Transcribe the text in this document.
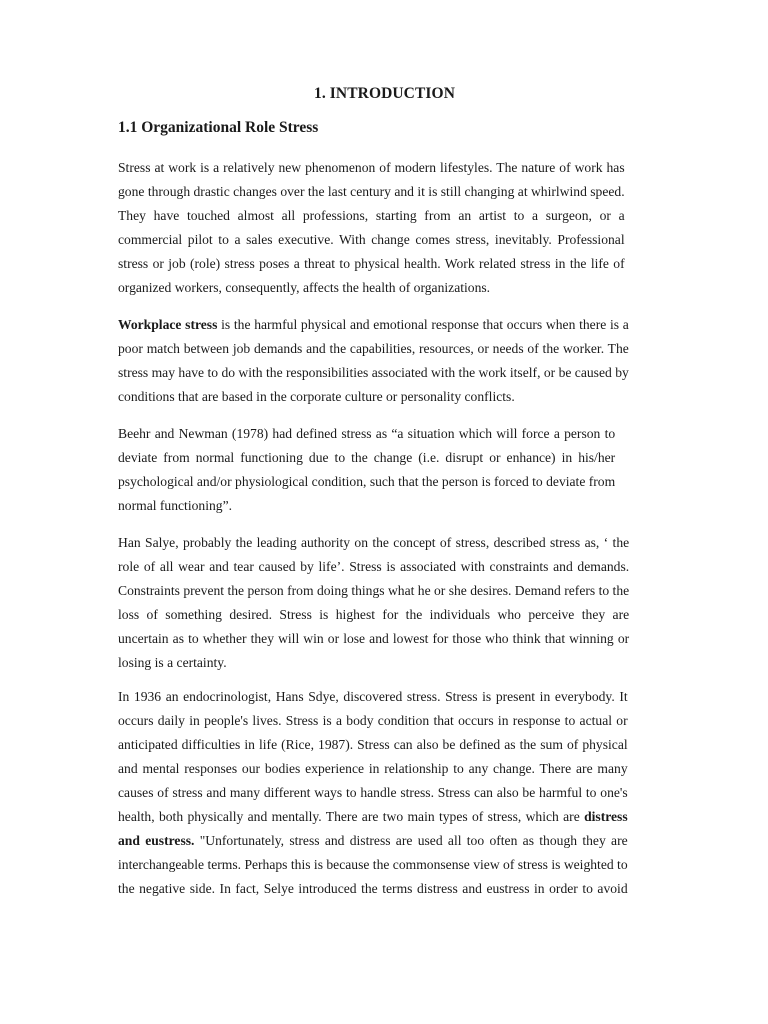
1. INTRODUCTION
1.1 Organizational Role Stress
Stress at work is a relatively new phenomenon of modern lifestyles. The nature of work has
gone through drastic changes over the last century and it is still changing at whirlwind speed.
They have touched almost all professions, starting from an artist to a surgeon, or a
commercial pilot to a sales executive. With change comes stress, inevitably. Professional
stress or job (role) stress poses a threat to physical health. Work related stress in the life of
organized workers, consequently, affects the health of organizations.
Workplace stress is the harmful physical and emotional response that occurs when there is a
poor match between job demands and the capabilities, resources, or needs of the worker. The
stress may have to do with the responsibilities associated with the work itself, or be caused by
conditions that are based in the corporate culture or personality conflicts.
Beehr and Newman (1978) had defined stress as “a situation which will force a person to
deviate from normal functioning due to the change (i.e. disrupt or enhance) in his/her
psychological and/or physiological condition, such that the person is forced to deviate from
normal functioning”.
Han Salye, probably the leading authority on the concept of stress, described stress as, ‘ the
role of all wear and tear caused by life’. Stress is associated with constraints and demands.
Constraints prevent the person from doing things what he or she desires. Demand refers to the
loss of something desired. Stress is highest for the individuals who perceive they are
uncertain as to whether they will win or lose and lowest for those who think that winning or
losing is a certainty.
In 1936 an endocrinologist, Hans Sdye, discovered stress. Stress is present in everybody. It
occurs daily in people's lives. Stress is a body condition that occurs in response to actual or
anticipated difficulties in life (Rice, 1987). Stress can also be defined as the sum of physical
and mental responses our bodies experience in relationship to any change. There are many
causes of stress and many different ways to handle stress. Stress can also be harmful to one's
health, both physically and mentally. There are two main types of stress, which are distress
and eustress. "Unfortunately, stress and distress are used all too often as though they are
interchangeable terms. Perhaps this is because the commonsense view of stress is weighted to
the negative side. In fact, Selye introduced the terms distress and eustress in order to avoid
